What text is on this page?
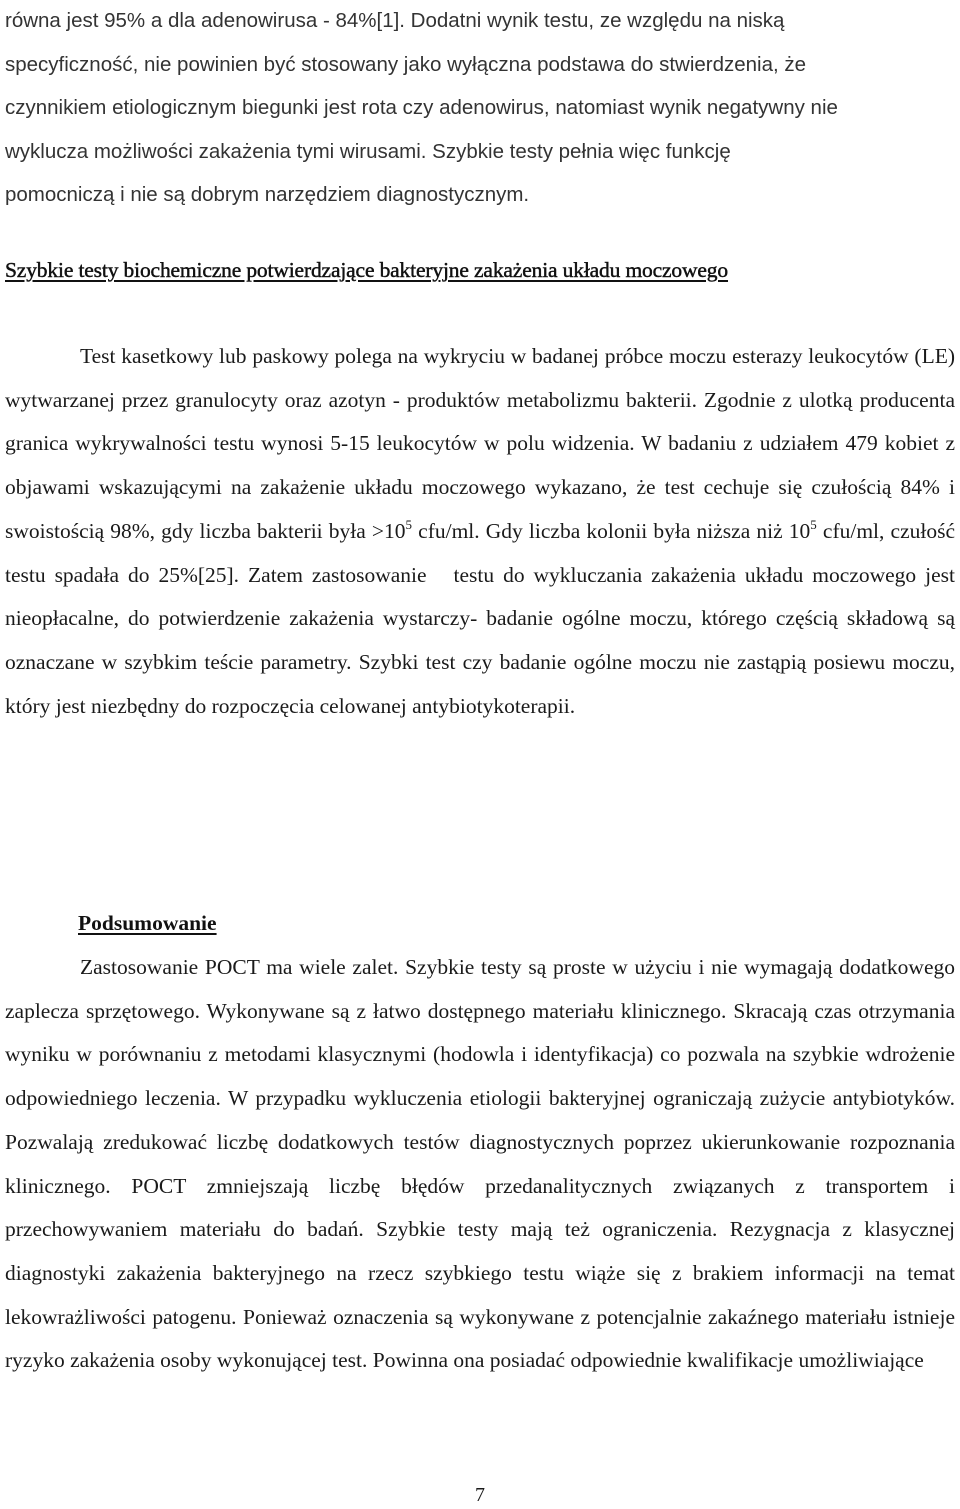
równa jest 95% a dla adenowirusa - 84%[1]. Dodatni wynik testu, ze względu na niską
specyficzność, nie powinien być stosowany jako wyłączna podstawa do stwierdzenia, że
czynnikiem etiologicznym biegunki jest rota czy adenowirus, natomiast wynik negatywny nie
wyklucza możliwości zakażenia tymi wirusami. Szybkie testy pełnia więc funkcję
pomocniczą i nie są dobrym narzędziem diagnostycznym.
Szybkie testy biochemiczne potwierdzające bakteryjne zakażenia układu moczowego

Test kasetkowy lub paskowy polega na wykryciu w badanej próbce moczu esterazy leukocytów (LE) wytwarzanej przez granulocyty oraz azotyn - produktów metabolizmu bakterii. Zgodnie z ulotką producenta granica wykrywalności testu wynosi 5-15 leukocytów w polu widzenia. W badaniu z udziałem 479 kobiet z objawami wskazującymi na zakażenie układu moczowego wykazano, że test cechuje się czułością 84% i swoistością 98%, gdy liczba bakterii była $>10^5$ cfu/ml. Gdy liczba kolonii była niższa niż $10^5$ cfu/ml, czułość testu spadała do 25%[25]. Zatem zastosowanie testu do wykluczania zakażenia układu moczowego jest nieopłacalne, do potwierdzenie zakażenia wystarczy- badanie ogólne moczu, którego częścią składową są oznaczane w szybkim teście parametry. Szybki test czy badanie ogólne moczu nie zastąpią posiewu moczu, który jest niezbędny do rozpoczęcia celowanej antybiotykoterapii.

Podsumowanie

Zastosowanie POCT ma wiele zalet. Szybkie testy są proste w użyciu i nie wymagają dodatkowego zaplecza sprzętowego. Wykonywane są z łatwo dostępnego materiału klinicznego. Skracają czas otrzymania wyniku w porównaniu z metodami klasycznymi (hodowla i identyfikacja) co pozwala na szybkie wdrożenie odpowiedniego leczenia. W przypadku wykluczenia etiologii bakteryjnej ograniczają zużycie antybiotyków. Pozwalają zredukować liczbę dodatkowych testów diagnostycznych poprzez ukierunkowanie rozpoznania klinicznego. POCT zmniejszają liczbę błędów przedanalitycznych związanych z transportem i przechowywaniem materiału do badań. Szybkie testy mają też ograniczenia. Rezygnacja z klasycznej diagnostyki zakażenia bakteryjnego na rzecz szybkiego testu wiąże się z brakiem informacji na temat lekowrażliwości patogenu. Ponieważ oznaczenia są wykonywane z potencjalnie zakaźnego materiału istnieje ryzyko zakażenia osoby wykonującej test. Powinna ona posiadać odpowiednie kwalifikacje umożliwiające

7
